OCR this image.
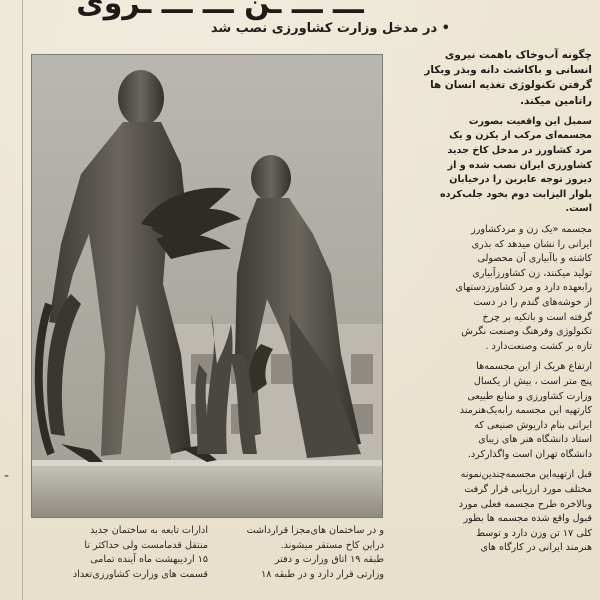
-
ـــ ـــ ـن ـــ ـــ ـروی
• در مدخل وزارت کشاورزی نصب شد

چگونه آب‌وخاک باهمت نیروی
انسانی و باکاشت دانه وبذر وبکار
گرفتن تکنولوژی تغذیه انسان ها
راتامین میکند.

سمبل این واقعیت بصورت
مجسمه‌ای مرکب از یکزن و یک
مرد کشاورز در مدخل کاخ جدید
کشاورزی ایران نصب شده و از
دیروز توجه عابرین را درخیابان
بلوار الیزابت دوم بخود جلب‌کرده
است.

مجسمه «یک زن و مرد‌کشاورز
ایرانی را نشان میدهد که بذری
کاشته و باآبیاری آن محصولی
تولید میکنند، زن کشاورزآبیاری
رابعهده دارد و مرد کشاورزدستهای
از خوشه‌های گندم را در دست
گرفته است و باتکیه بر چرخ
تکنولوژی وفرهنگ وصنعت نگرش
تازه بر کشت وصنعت‌دارد .

ارتفاع هریک از این مجسمه‌ها
پنج متر است ، بیش از یکسال
وزارت کشاورزی و منابع طبیعی
کارتهیه این مجسمه رابه‌یک‌هنرمند
ایرانی بنام داریوش صنیعی که
استاد دانشگاه هنر های زیبای
دانشگاه تهران است واگذار‌کرد.

قبل ازتهیه‌این مجسمه‌چندین‌نمونه
مختلف مورد ارزیابی قرار گرفت
وبالاخره طرح مجسمه فعلی مورد
قبول واقع شده مجسمه ها بطور
کلی ۱۷ تن وزن دارد و توسط
هنرمند ایرانی در کارگاه های

و در ساختمان های‌مجزا قرارداشت
دراین کاخ مستقر میشوند.
طبقه ۱۹ اتاق وزارت و دفتر
وزارتی قرار دارد و در طبقه ۱۸
ادارات تابعه به ساختمان جدید
منتقل قدمامست ولی حداکثر تا
۱۵ اردیبهشت ماه آینده تمامی
قسمت های وزارت کشاورزی‌تعداد
